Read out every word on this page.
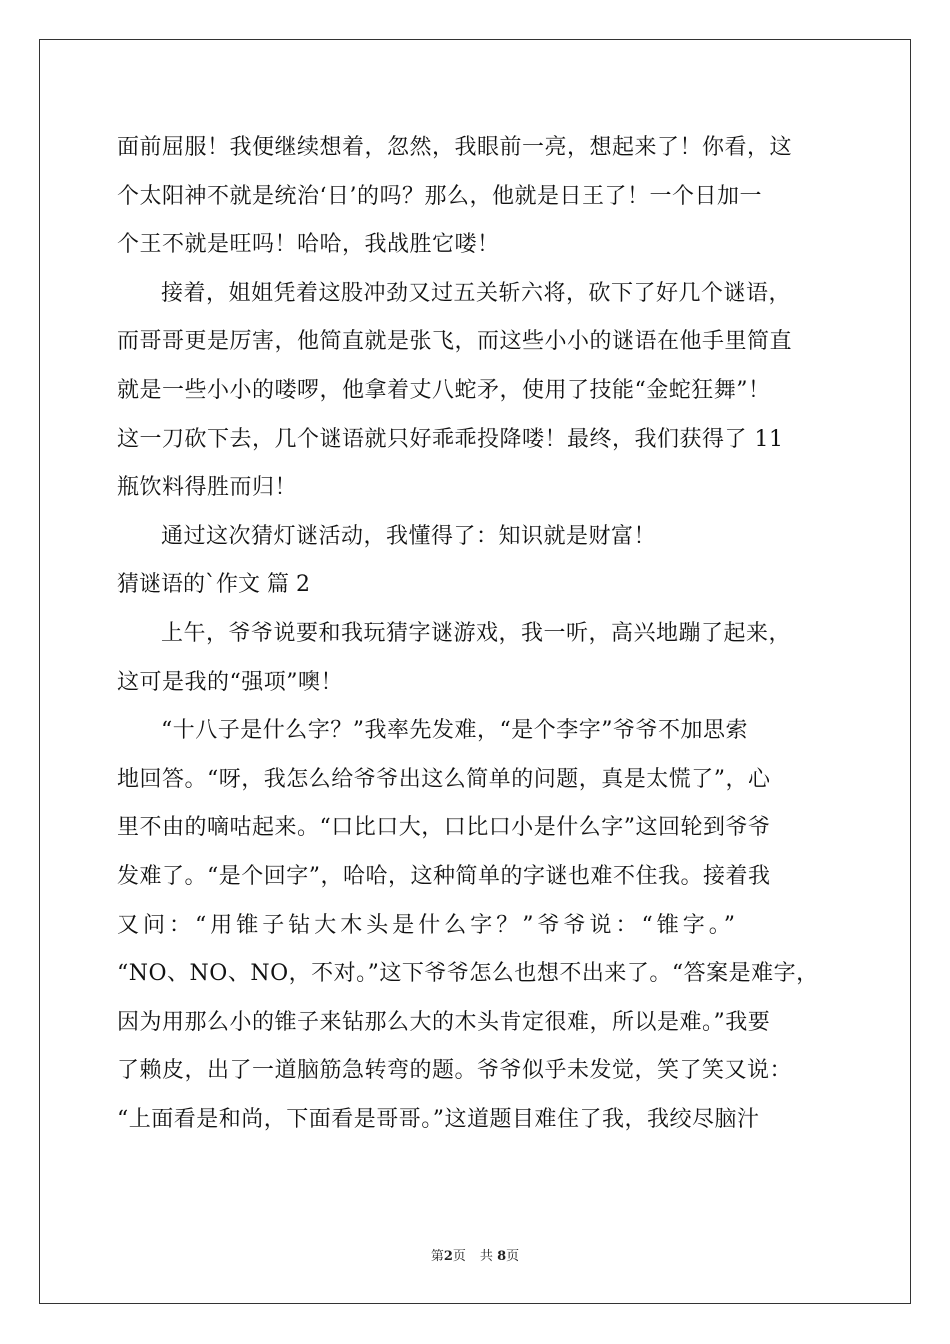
面前屈服！我便继续想着，忽然，我眼前一亮，想起来了！你看，这
个太阳神不就是统治‘日’的吗？那么，他就是日王了！一个日加一
个王不就是旺吗！哈哈，我战胜它喽！
接着，姐姐凭着这股冲劲又过五关斩六将，砍下了好几个谜语，
而哥哥更是厉害，他简直就是张飞，而这些小小的谜语在他手里简直
就是一些小小的喽啰，他拿着丈八蛇矛，使用了技能“金蛇狂舞”！
这一刀砍下去，几个谜语就只好乖乖投降喽！最终，我们获得了 11
瓶饮料得胜而归！
通过这次猜灯谜活动，我懂得了：知识就是财富！
猜谜语的`作文 篇 2
上午，爷爷说要和我玩猜字谜游戏，我一听，高兴地蹦了起来，
这可是我的“强项”噢！
“十八子是什么字？”我率先发难，“是个李字”爷爷不加思索
地回答。“呀，我怎么给爷爷出这么简单的问题，真是太慌了”，心
里不由的嘀咕起来。“口比口大，口比口小是什么字”这回轮到爷爷
发难了。“是个回字”，哈哈，这种简单的字谜也难不住我。接着我
又问：“用锥子钻大木头是什么字？”爷爷说：“锥字。”
“NO、NO、NO，不对。”这下爷爷怎么也想不出来了。“答案是难字，
因为用那么小的锥子来钻那么大的木头肯定很难，所以是难。”我要
了赖皮，出了一道脑筋急转弯的题。爷爷似乎未发觉，笑了笑又说：
“上面看是和尚，下面看是哥哥。”这道题目难住了我，我绞尽脑汁
第2页 共 8页
